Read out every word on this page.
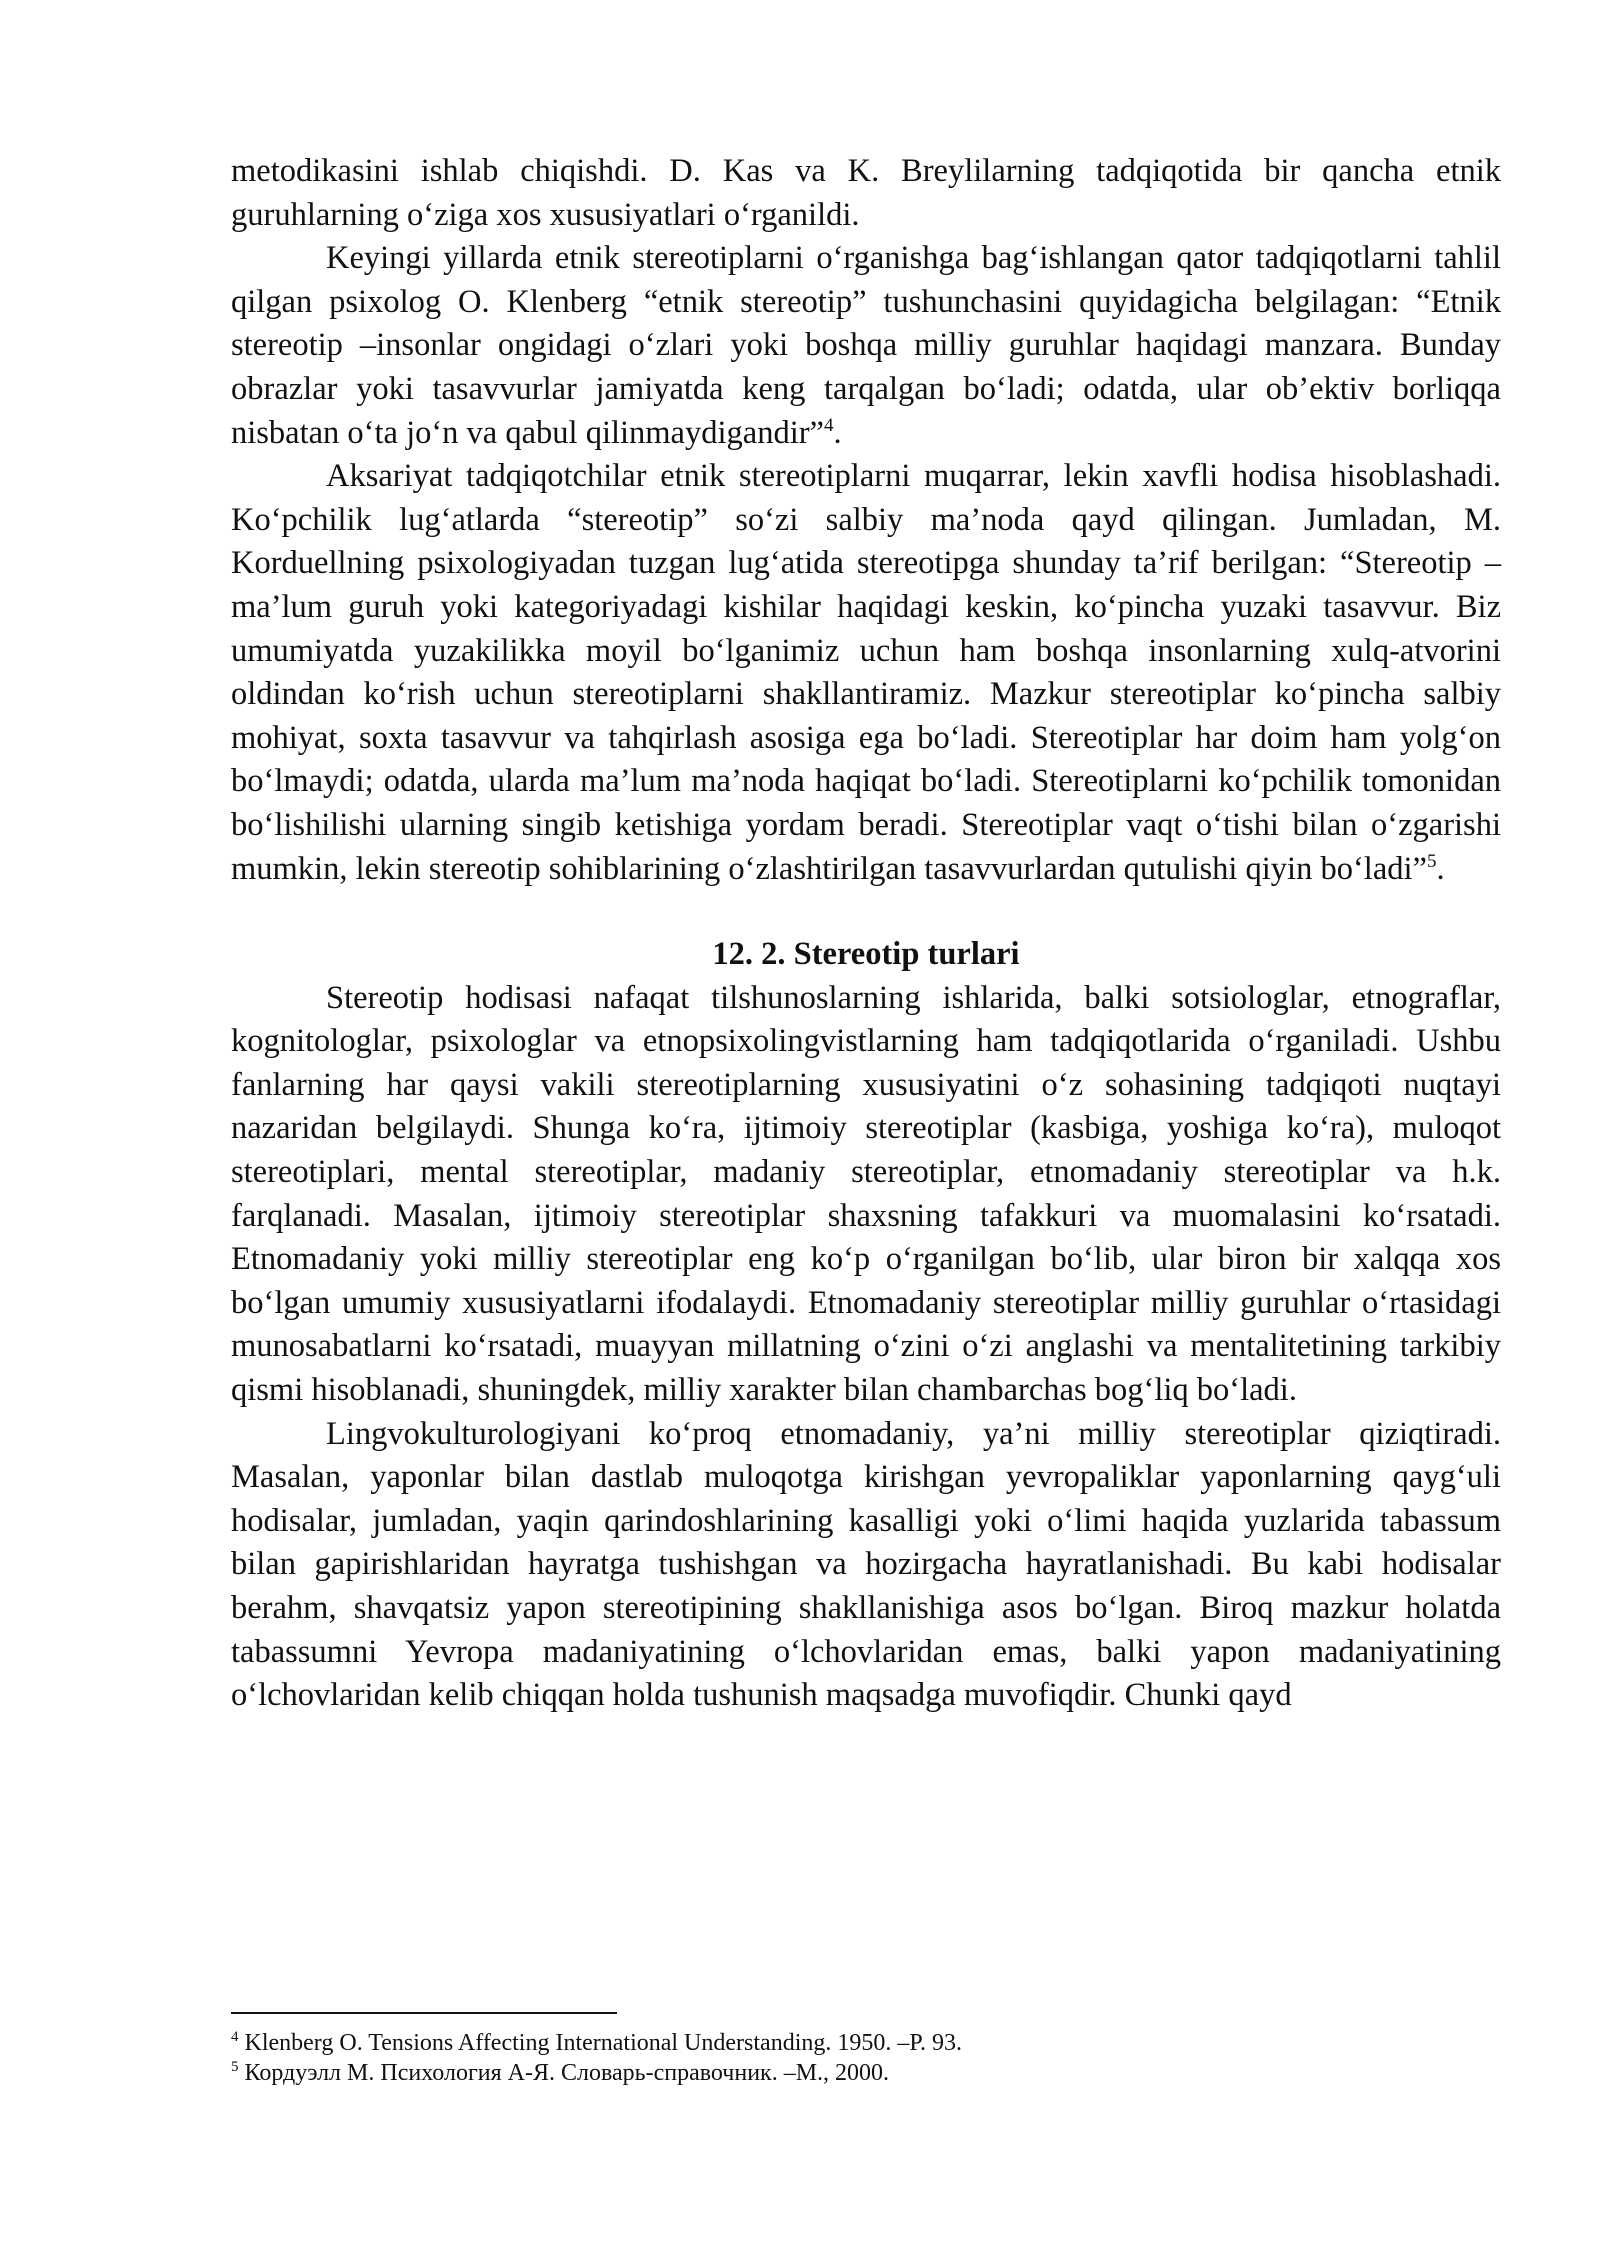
metodikasini ishlab chiqishdi. D. Kas va K. Breylilarning tadqiqotida bir qancha etnik guruhlarning o‘ziga xos xususiyatlari o‘rganildi.

Keyingi yillarda etnik stereotiplarni o‘rganishga bag‘ishlangan qator tadqiqotlarni tahlil qilgan psixolog O. Klenberg “etnik stereotip” tushunchasini quyidagicha belgilagan: “Etnik stereotip –insonlar ongidagi o‘zlari yoki boshqa milliy guruhlar haqidagi manzara. Bunday obrazlar yoki tasavvurlar jamiyatda keng tarqalgan bo‘ladi; odatda, ular ob’ektiv borliqqa nisbatan o‘ta jo‘n va qabul qilinmaydigandir”$^4$.

Aksariyat tadqiqotchilar etnik stereotiplarni muqarrar, lekin xavfli hodisa hisoblashadi. Ko‘pchilik lug‘atlarda “stereotip” so‘zi salbiy ma’noda qayd qilingan. Jumladan, M. Korduellning psixologiyadan tuzgan lug‘atida stereotipga shunday ta’rif berilgan: “Stereotip – ma’lum guruh yoki kategoriyadagi kishilar haqidagi keskin, ko‘pincha yuzaki tasavvur. Biz umumiyatda yuzakilikka moyil bo‘lganimiz uchun ham boshqa insonlarning xulq-atvorini oldindan ko‘rish uchun stereotiplarni shakllantiramiz. Mazkur stereotiplar ko‘pincha salbiy mohiyat, soxta tasavvur va tahqirlash asosiga ega bo‘ladi. Stereotiplar har doim ham yolg‘on bo‘lmaydi; odatda, ularda ma’lum ma’noda haqiqat bo‘ladi. Stereotiplarni ko‘pchilik tomonidan bo‘lishilishi ularning singib ketishiga yordam beradi. Stereotiplar vaqt o‘tishi bilan o‘zgarishi mumkin, lekin stereotip sohiblarining o‘zlashtirilgan tasavvurlardan qutulishi qiyin bo‘ladi”$^5$.

12. 2. Stereotip turlari

Stereotip hodisasi nafaqat tilshunoslarning ishlarida, balki sotsiologlar, etnograflar, kognitologlar, psixologlar va etnopsixolingvistlarning ham tadqiqotlarida o‘rganiladi. Ushbu fanlarning har qaysi vakili stereotiplarning xususiyatini o‘z sohasining tadqiqoti nuqtayi nazaridan belgilaydi. Shunga ko‘ra, ijtimoiy stereotiplar (kasbiga, yoshiga ko‘ra), muloqot stereotiplari, mental stereotiplar, madaniy stereotiplar, etnomadaniy stereotiplar va h.k. farqlanadi. Masalan, ijtimoiy stereotiplar shaxsning tafakkuri va muomalasini ko‘rsatadi. Etnomadaniy yoki milliy stereotiplar eng ko‘p o‘rganilgan bo‘lib, ular biron bir xalqqa xos bo‘lgan umumiy xususiyatlarni ifodalaydi. Etnomadaniy stereotiplar milliy guruhlar o‘rtasidagi munosabatlarni ko‘rsatadi, muayyan millatning o‘zini o‘zi anglashi va mentalitetining tarkibiy qismi hisoblanadi, shuningdek, milliy xarakter bilan chambarchas bog‘liq bo‘ladi.

Lingvokulturologiyani ko‘proq etnomadaniy, ya’ni milliy stereotiplar qiziqtiradi. Masalan, yaponlar bilan dastlab muloqotga kirishgan yevropaliklar yaponlarning qayg‘uli hodisalar, jumladan, yaqin qarindoshlarining kasalligi yoki o‘limi haqida yuzlarida tabassum bilan gapirishlaridan hayratga tushishgan va hozirgacha hayratlanishadi. Bu kabi hodisalar berahm, shavqatsiz yapon stereotipining shakllanishiga asos bo‘lgan. Biroq mazkur holatda tabassumni Yevropa madaniyatining o‘lchovlaridan emas, balki yapon madaniyatining o‘lchovlaridan kelib chiqqan holda tushunish maqsadga muvofiqdir. Chunki qayd

$^4$ Klenberg O. Tensions Affecting International Understanding. 1950. –P. 93.

$^5$ Кордуэлл М. Психология А-Я. Словарь-справочник. –М., 2000.
